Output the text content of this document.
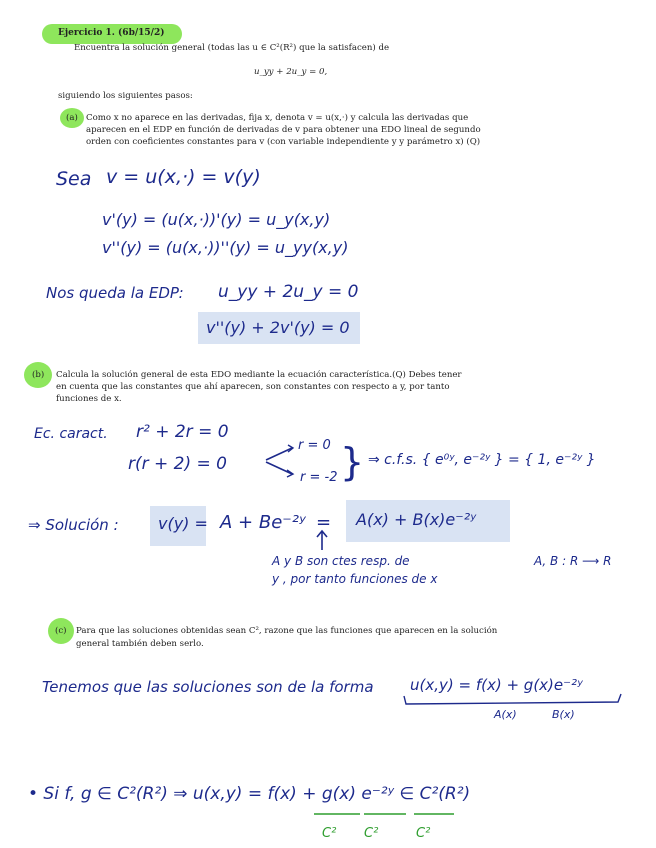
Ejercicio 1. (6b/15/2)
Encuentra la solución general (todas las u ∈ C²(R²) que la satisfacen) de
u_yy + 2u_y = 0,
siguiendo los siguientes pasos:
(a) Como x no aparece en las derivadas, fija x, denota v = u(x,·) y calcula las derivadas que
aparecen en el EDP en función de derivadas de v para obtener una EDO lineal de segundo
orden con coeficientes constantes para v (con variable independiente y y parámetro x) (Q)
Sea v = u(x,·) = v(y)
v'(y) = (u(x,·))'(y) = u_y(x,y)
v''(y) = (u(x,·))''(y) = u_yy(x,y)
Nos queda la EDP: u_yy + 2u_y = 0
v''(y) + 2v'(y) = 0
(b) Calcula la solución general de esta EDO mediante la ecuación característica.(Q) Debes tener
en cuenta que las constantes que ahí aparecen, son constantes con respecto a y, por tanto
funciones de x.
Ec. caract. r² + 2r = 0
r(r + 2) = 0
r = 0
r = -2 } ⇒ c.f.s. { e⁰ʸ, e⁻²ʸ } = { 1, e⁻²ʸ }
⇒ Solución : v(y) = A + Be⁻²ʸ = A(x) + B(x)e⁻²ʸ
A y B son ctes resp. de
y , por tanto funciones de x
A, B : R ⟶ R
(c) Para que las soluciones obtenidas sean C², razone que las funciones que aparecen en la solución
general también deben serlo.
Tenemos que las soluciones son de la forma u(x,y) = f(x) + g(x)e⁻²ʸ
A(x)	B(x)
• Si f, g ∈ C²(R²) ⇒ u(x,y) = f(x) + g(x) e⁻²ʸ ∈ C²(R²)
C² C²	C²
